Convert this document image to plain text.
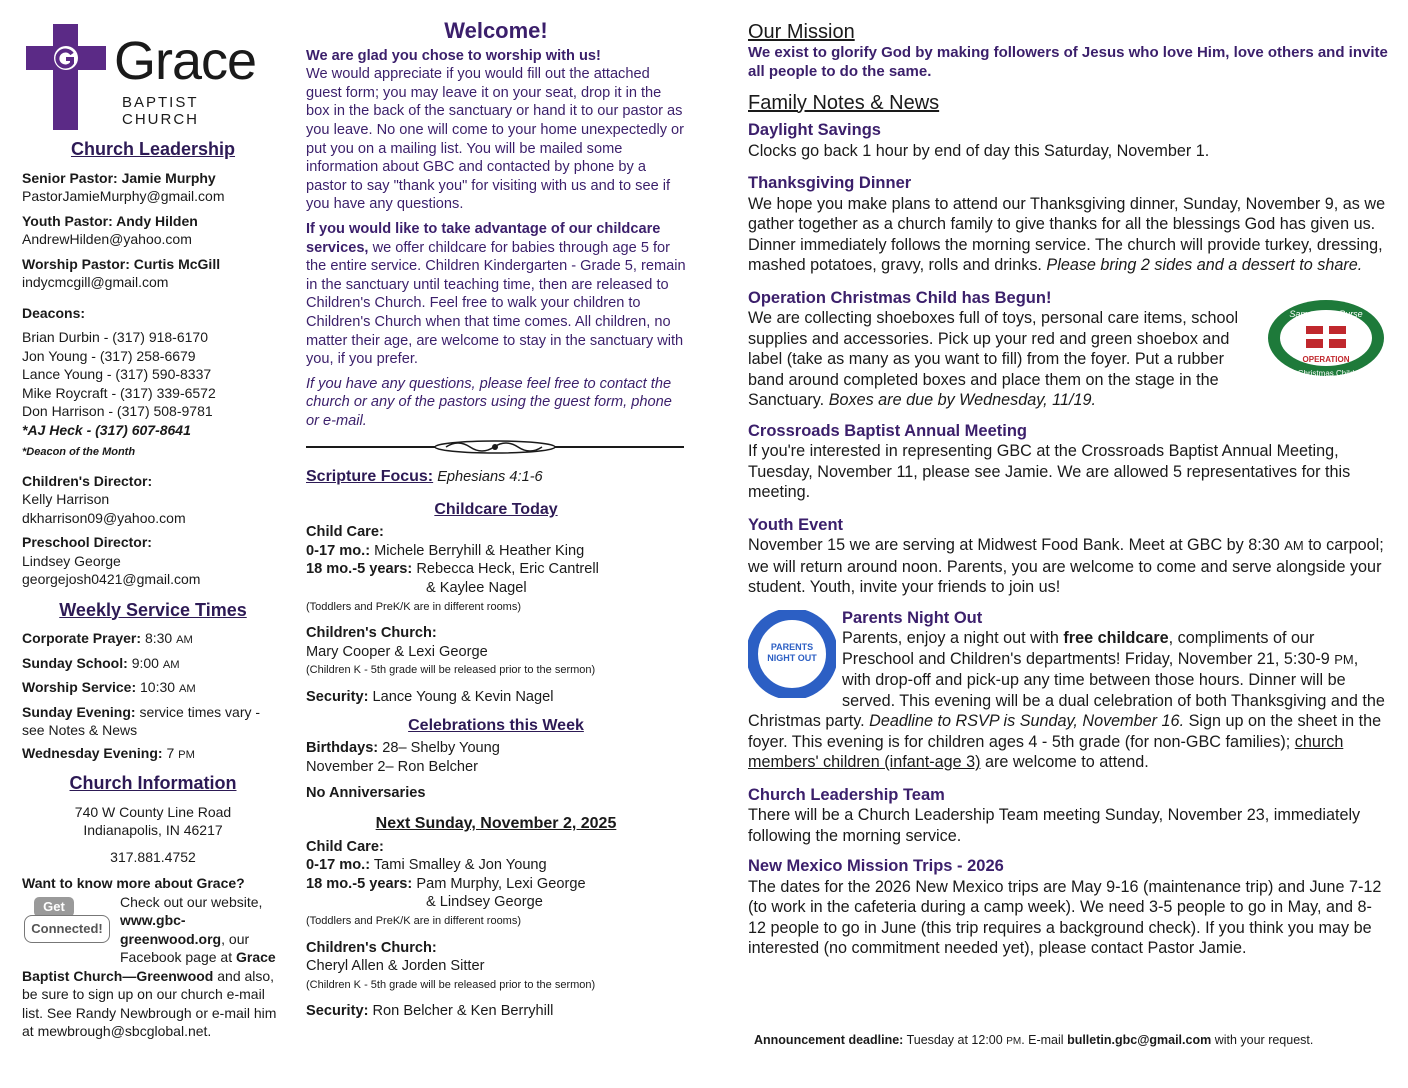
Grace
BAPTIST CHURCH
Church Leadership

Senior Pastor: Jamie Murphy

PastorJamieMurphy@gmail.com

Youth Pastor: Andy Hilden

AndrewHilden@yahoo.com

Worship Pastor: Curtis McGill

indycmcgill@gmail.com

Deacons:

Brian Durbin - (317) 918-6170

Jon Young - (317) 258-6679

Lance Young - (317) 590-8337

Mike Roycraft - (317) 339-6572

Don Harrison - (317) 508-9781

*AJ Heck - (317) 607-8641

*Deacon of the Month

Children's Director:

Kelly Harrison

dkharrison09@yahoo.com

Preschool Director:

Lindsey George

georgejosh0421@gmail.com

Weekly Service Times

Corporate Prayer: 8:30 AM

Sunday School: 9:00 AM

Worship Service: 10:30 AM

Sunday Evening: service times vary - see Notes & News

Wednesday Evening: 7 PM

Church Information

740 W County Line Road

Indianapolis, IN 46217

317.881.4752

Want to know more about Grace?

Get
Connected!
Check out our website, www.gbc-greenwood.org, our Facebook page at Grace Baptist Church—Greenwood and also, be sure to sign up on our church e-mail list. See Randy Newbrough or e-mail him at mewbrough@sbcglobal.net.
Welcome!

We are glad you chose to worship with us!

We would appreciate if you would fill out the attached guest form; you may leave it on your seat, drop it in the box in the back of the sanctuary or hand it to our pastor as you leave. No one will come to your home unexpectedly or put you on a mailing list. You will be mailed some information about GBC and contacted by phone by a pastor to say "thank you" for visiting with us and to see if you have any questions.

If you would like to take advantage of our childcare services, we offer childcare for babies through age 5 for the entire service. Children Kindergarten - Grade 5, remain in the sanctuary until teaching time, then are released to Children's Church. Feel free to walk your children to Children's Church when that time comes. All children, no matter their age, are welcome to stay in the sanctuary with you, if you prefer.

If you have any questions, please feel free to contact the church or any of the pastors using the guest form, phone or e-mail.

Scripture Focus: Ephesians 4:1-6

Childcare Today

Child Care:

0-17 mo.: Michele Berryhill & Heather King

18 mo.-5 years: Rebecca Heck, Eric Cantrell

& Kaylee Nagel

(Toddlers and PreK/K are in different rooms)

Children's Church:

Mary Cooper & Lexi George

(Children K - 5th grade will be released prior to the sermon)

Security: Lance Young & Kevin Nagel

Celebrations this Week

Birthdays: 28– Shelby Young

November 2– Ron Belcher

No Anniversaries

Next Sunday, November 2, 2025

Child Care:

0-17 mo.: Tami Smalley & Jon Young

18 mo.-5 years: Pam Murphy, Lexi George

& Lindsey George

(Toddlers and PreK/K are in different rooms)

Children's Church:

Cheryl Allen & Jorden Sitter

(Children K - 5th grade will be released prior to the sermon)

Security: Ron Belcher & Ken Berryhill

Our Mission

We exist to glorify God by making followers of Jesus who love Him, love others and invite all people to do the same.

Family Notes & News
Daylight Savings

Clocks go back 1 hour by end of day this Saturday, November 1.

Thanksgiving Dinner

We hope you make plans to attend our Thanksgiving dinner, Sunday, November 9, as we gather together as a church family to give thanks for all the blessings God has given us. Dinner immediately follows the morning service. The church will provide turkey, dressing, mashed potatoes, gravy, rolls and drinks. Please bring 2 sides and a dessert to share.

Operation Christmas Child has Begun!
Samaritan's Purse
OPERATION
Christmas Child

We are collecting shoeboxes full of toys, personal care items, school supplies and accessories. Pick up your red and green shoebox and label (take as many as you want to fill) from the foyer. Put a rubber band around completed boxes and place them on the stage in the Sanctuary. Boxes are due by Wednesday, 11/19.

Crossroads Baptist Annual Meeting

If you're interested in representing GBC at the Crossroads Baptist Annual Meeting, Tuesday, November 11, please see Jamie. We are allowed 5 representatives for this meeting.

Youth Event

November 15 we are serving at Midwest Food Bank. Meet at GBC by 8:30 AM to carpool; we will return around noon. Parents, you are welcome to come and serve alongside your student. Youth, invite your friends to join us!

PARENTS NIGHT OUT
Parents Night Out

Parents, enjoy a night out with free childcare, compliments of our Preschool and Children's departments! Friday, November 21, 5:30-9 PM, with drop-off and pick-up any time between those hours. Dinner will be served. This evening will be a dual celebration of both Thanksgiving and the Christmas party. Deadline to RSVP is Sunday, November 16. Sign up on the sheet in the foyer. This evening is for children ages 4 - 5th grade (for non-GBC families); church members' children (infant-age 3) are welcome to attend.

Church Leadership Team

There will be a Church Leadership Team meeting Sunday, November 23, immediately following the morning service.

New Mexico Mission Trips - 2026

The dates for the 2026 New Mexico trips are May 9-16 (maintenance trip) and June 7-12 (to work in the cafeteria during a camp week). We need 3-5 people to go in May, and 8-12 people to go in June (this trip requires a background check). If you think you may be interested (no commitment needed yet), please contact Pastor Jamie.

Announcement deadline: Tuesday at 12:00 PM. E-mail bulletin.gbc@gmail.com with your request.
